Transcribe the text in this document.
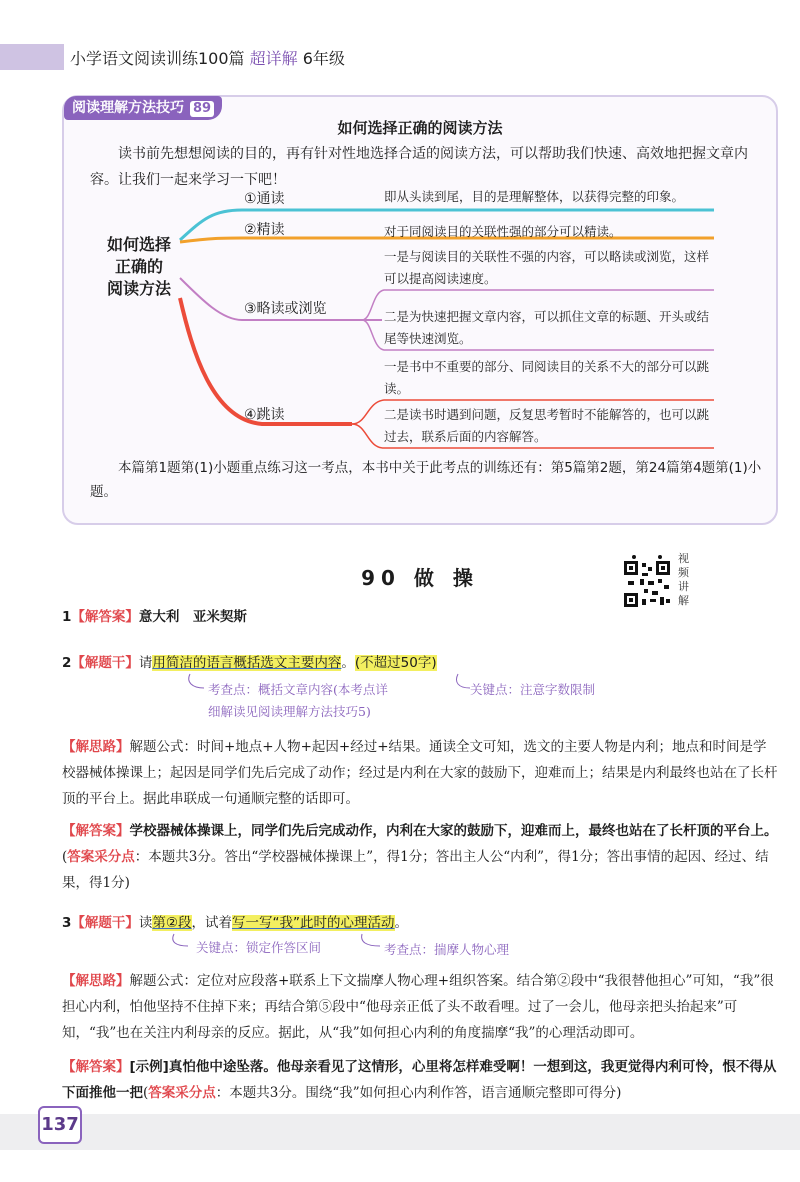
小学语文阅读训练100篇 超详解 6年级
阅读理解方法技巧 89
如何选择正确的阅读方法
读书前先想想阅读的目的，再有针对性地选择合适的阅读方法，可以帮助我们快速、高效地把握文章内容。让我们一起来学习一下吧！
如何选择
正确的
阅读方法
①通读	即从头读到尾，目的是理解整体，以获得完整的印象。
②精读	对于同阅读目的关联性强的部分可以精读。
③略读或浏览
一是与阅读目的关联性不强的内容，可以略读或浏览，这样可以提高阅读速度。
二是为快速把握文章内容，可以抓住文章的标题、开头或结尾等快速浏览。
④跳读
一是书中不重要的部分、同阅读目的关系不大的部分可以跳读。
二是读书时遇到问题，反复思考暂时不能解答的，也可以跳过去，联系后面的内容解答。
本篇第1题第(1)小题重点练习这一考点，本书中关于此考点的训练还有：第5篇第2题，第24篇第4题第(1)小题。
90 做 操
视
频
讲
解
1【解答案】意大利　亚米契斯
2【解题干】请用简洁的语言概括选文主要内容。(不超过50字)
考查点：概括文章内容(本考点详
细解读见阅读理解方法技巧5)
关键点：注意字数限制
【解思路】解题公式：时间+地点+人物+起因+经过+结果。通读全文可知，选文的主要人物是内利；地点和时间是学校器械体操课上；起因是同学们先后完成了动作；经过是内利在大家的鼓励下，迎难而上；结果是内利最终也站在了长杆顶的平台上。据此串联成一句通顺完整的话即可。
【解答案】学校器械体操课上，同学们先后完成动作，内利在大家的鼓励下，迎难而上，最终也站在了长杆顶的平台上。(答案采分点：本题共3分。答出“学校器械体操课上”，得1分；答出主人公“内利”，得1分；答出事情的起因、经过、结果，得1分)
3【解题干】读第②段，试着写一写“我”此时的心理活动。
关键点：锁定作答区间	考查点：揣摩人物心理
【解思路】解题公式：定位对应段落+联系上下文揣摩人物心理+组织答案。结合第②段中“我很替他担心”可知，“我”很担心内利，怕他坚持不住掉下来；再结合第⑤段中“他母亲正低了头不敢看哩。过了一会儿，他母亲把头抬起来”可知，“我”也在关注内利母亲的反应。据此，从“我”如何担心内利的角度揣摩“我”的心理活动即可。
【解答案】[示例]真怕他中途坠落。他母亲看见了这情形，心里将怎样难受啊！一想到这，我更觉得内利可怜，恨不得从下面推他一把(答案采分点：本题共3分。围绕“我”如何担心内利作答，语言通顺完整即可得分)
137
